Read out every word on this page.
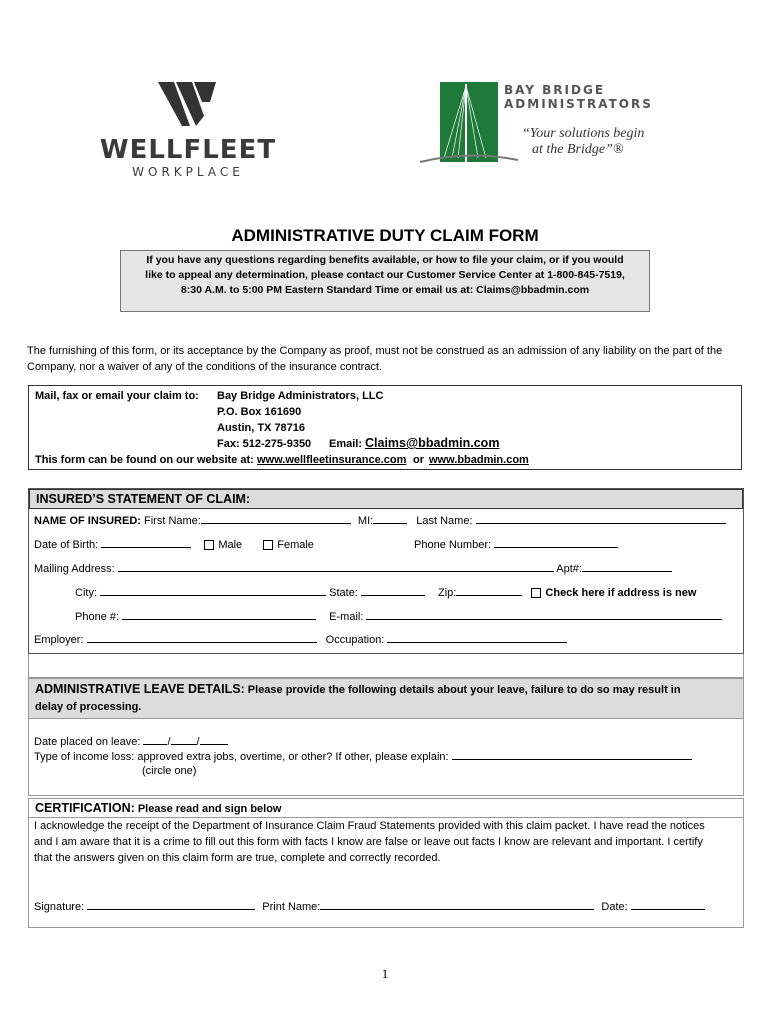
WELLFLEET
WORKPLACE
BAY BRIDGE
ADMINISTRATORS
“Your solutions begin
at the Bridge”®
ADMINISTRATIVE DUTY CLAIM FORM
If you have any questions regarding benefits available, or how to file your claim, or if you would
like to appeal any determination, please contact our Customer Service Center at 1-800-845-7519,
8:30 A.M. to 5:00 PM Eastern Standard Time or email us at: Claims@bbadmin.com
The furnishing of this form, or its acceptance by the Company as proof, must not be construed as an admission of any liability on the part of the Company, nor a waiver of any of the conditions of the insurance contract.
Mail, fax or email your claim to: Bay Bridge Administrators, LLC
P.O. Box 161690
Austin, TX 78716
Fax: 512-275-9350 Email: Claims@bbadmin.com
This form can be found on our website at: www.wellfleetinsurance.com or www.bbadmin.com
INSURED’S STATEMENT OF CLAIM:
NAME OF INSURED: First Name:	MI:	Last Name:
Date of Birth:	Male	Female	Phone Number:
Mailing Address:	Apt#:
City:	State:	Zip:	Check here if address is new
Phone #:	E-mail:
Employer:	Occupation:
ADMINISTRATIVE LEAVE DETAILS: Please provide the following details about your leave, failure to do so may result in
delay of processing.
Date placed on leave: / /
Type of income loss: approved extra jobs, overtime, or other? If other, please explain:
(circle one)
CERTIFICATION: Please read and sign below
I acknowledge the receipt of the Department of Insurance Claim Fraud Statements provided with this claim packet. I have read the notices
and I am aware that it is a crime to fill out this form with facts I know are false or leave out facts I know are relevant and important. I certify
that the answers given on this claim form are true, complete and correctly recorded.
Signature:	Print Name:	Date:
1
